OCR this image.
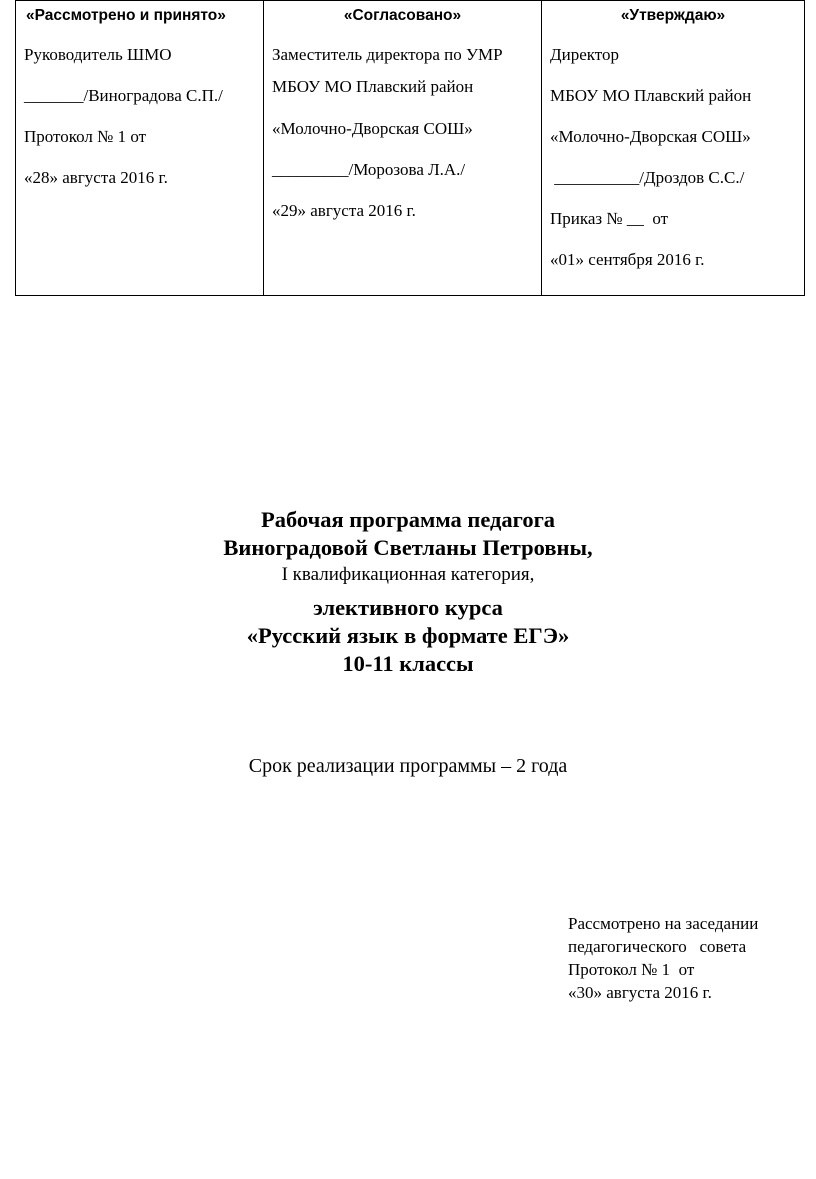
«Рассмотрено и принято»
Руководитель ШМО
_______/Виноградова С.П./
Протокол № 1 от
«28» августа 2016 г.

«Согласовано»
Заместитель директора по УМР
МБОУ МО Плавский район
«Молочно-Дворская СОШ»
_________/Морозова Л.А./
«29» августа 2016 г.

«Утверждаю»
Директор
МБОУ МО Плавский район
«Молочно-Дворская СОШ»
__________/Дроздов С.С./
Приказ № __  от
«01» сентября 2016 г.
Рабочая программа педагога
Виноградовой Светланы Петровны,
I квалификационная категория,
элективного курса
«Русский язык в формате ЕГЭ»
10-11 классы
Срок реализации программы – 2 года
Рассмотрено на заседании
педагогического   совета
Протокол № 1  от
«30» августа 2016 г.
